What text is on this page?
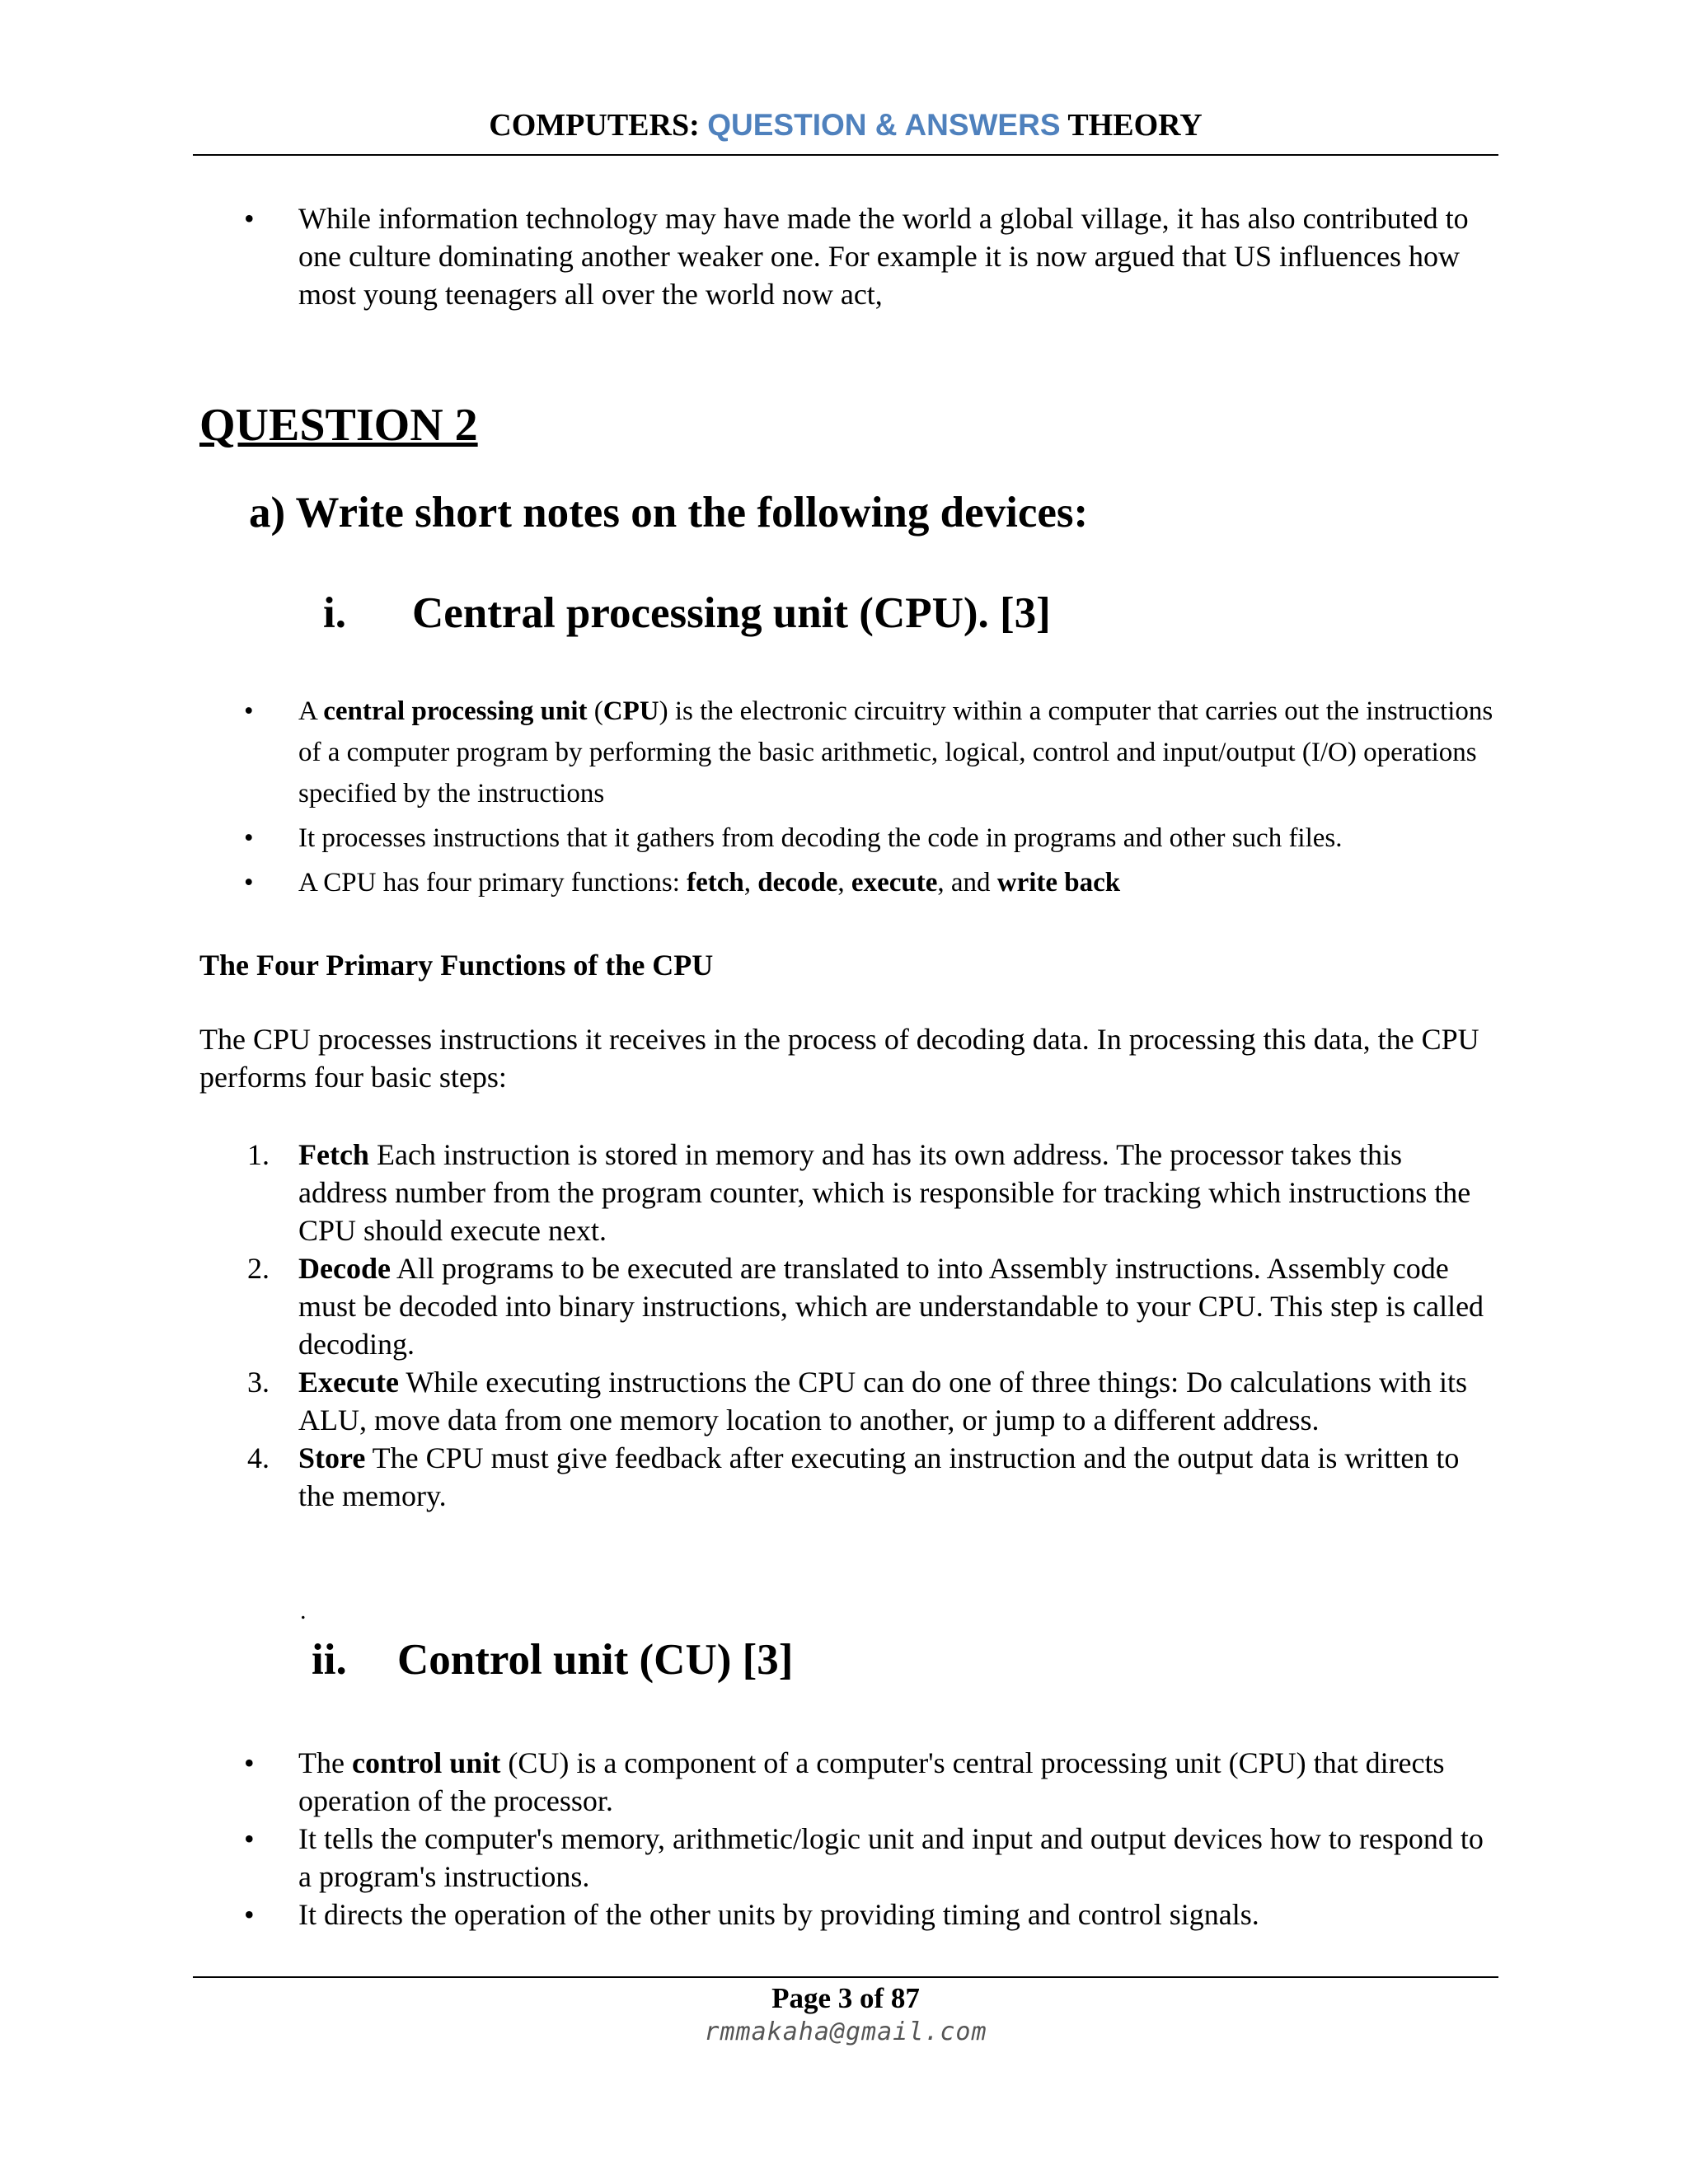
COMPUTERS: QUESTION & ANSWERS THEORY
• While information technology may have made the world a global village, it has also contributed to one culture dominating another weaker one. For example it is now argued that US influences how most young teenagers all over the world now act,
QUESTION 2
a) Write short notes on the following devices:
i. Central processing unit (CPU). [3]
• A central processing unit (CPU) is the electronic circuitry within a computer that carries out the instructions of a computer program by performing the basic arithmetic, logical, control and input/output (I/O) operations specified by the instructions
• It processes instructions that it gathers from decoding the code in programs and other such files.
• A CPU has four primary functions: fetch, decode, execute, and write back
The Four Primary Functions of the CPU
The CPU processes instructions it receives in the process of decoding data. In processing this data, the CPU performs four basic steps:
1. Fetch Each instruction is stored in memory and has its own address. The processor takes this address number from the program counter, which is responsible for tracking which instructions the CPU should execute next.
2. Decode All programs to be executed are translated to into Assembly instructions. Assembly code must be decoded into binary instructions, which are understandable to your CPU. This step is called decoding.
3. Execute While executing instructions the CPU can do one of three things: Do calculations with its ALU, move data from one memory location to another, or jump to a different address.
4. Store The CPU must give feedback after executing an instruction and the output data is written to the memory.
.
ii. Control unit (CU) [3]
• The control unit (CU) is a component of a computer's central processing unit (CPU) that directs operation of the processor.
• It tells the computer's memory, arithmetic/logic unit and input and output devices how to respond to a program's instructions.
• It directs the operation of the other units by providing timing and control signals.
Page 3 of 87
rmmakaha@gmail.com
